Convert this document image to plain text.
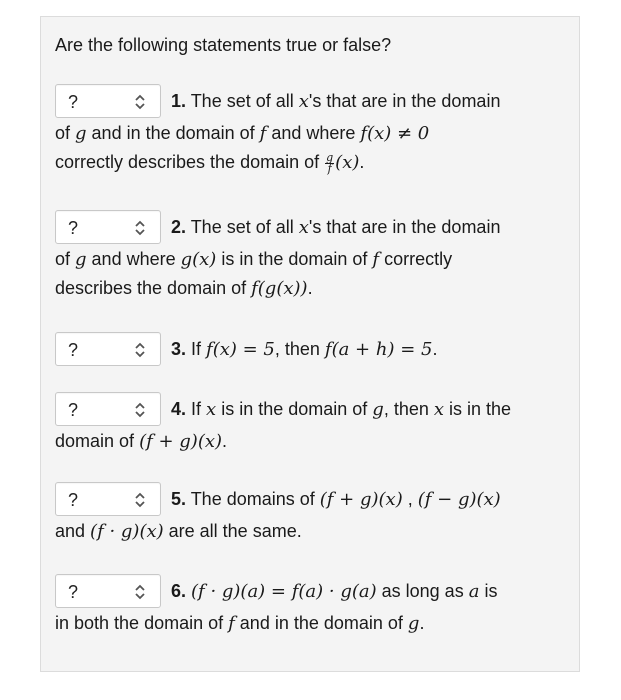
Are the following statements true or false?
?	1. The set of all x's that are in the domain
of g and in the domain of f and where f(x) ≠ 0
correctly describes the domain of $\frac{g}{f} (x)$.
?	2. The set of all x's that are in the domain
of g and where g(x) is in the domain of f correctly
describes the domain of f(g(x)).
?	3. If f(x) = 5, then f(a + h) = 5.
?	4. If x is in the domain of g, then x is in the
domain of (f + g)(x).
?	5. The domains of (f + g)(x) , (f − g)(x)
and (f · g)(x) are all the same.
?	6. (f · g)(a) = f(a) · g(a) as long as a is
in both the domain of f and in the domain of g.
